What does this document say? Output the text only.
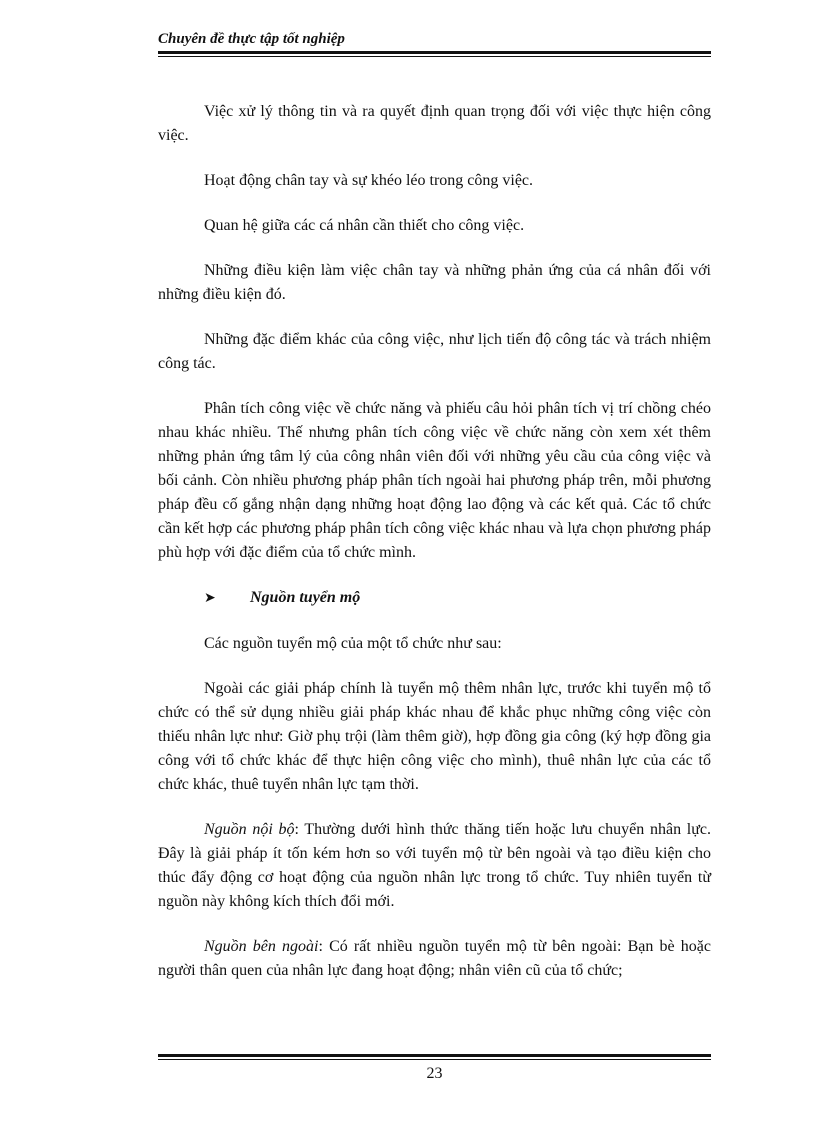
Chuyên đề thực tập tốt nghiệp

Việc xử lý thông tin và ra quyết định quan trọng đối với việc thực hiện công việc.

Hoạt động chân tay và sự khéo léo trong công việc.

Quan hệ giữa các cá nhân cần thiết cho công việc.

Những điều kiện làm việc chân tay và những phản ứng của cá nhân đối với những điều kiện đó.

Những đặc điểm khác của công việc, như lịch tiến độ công tác và trách nhiệm công tác.

Phân tích công việc về chức năng và phiếu câu hỏi phân tích vị trí chồng chéo nhau khác nhiều. Thế nhưng phân tích công việc về chức năng còn xem xét thêm những phản ứng tâm lý của công nhân viên đối với những yêu cầu của công việc và bối cảnh. Còn nhiều phương pháp phân tích ngoài hai phương pháp trên, mỗi phương pháp đều cố gắng nhận dạng những hoạt động lao động và các kết quả. Các tổ chức cần kết hợp các phương pháp phân tích công việc khác nhau và lựa chọn phương pháp phù hợp với đặc điểm của tổ chức mình.

➤	Nguồn tuyển mộ

Các nguồn tuyển mộ của một tổ chức như sau:

Ngoài các giải pháp chính là tuyển mộ thêm nhân lực, trước khi tuyển mộ tổ chức có thể sử dụng nhiều giải pháp khác nhau để khắc phục những công việc còn thiếu nhân lực như: Giờ phụ trội (làm thêm giờ), hợp đồng gia công (ký hợp đồng gia công với tổ chức khác để thực hiện công việc cho mình), thuê nhân lực của các tổ chức khác, thuê tuyển nhân lực tạm thời.

Nguồn nội bộ: Thường dưới hình thức thăng tiến hoặc lưu chuyển nhân lực. Đây là giải pháp ít tốn kém hơn so với tuyển mộ từ bên ngoài và tạo điều kiện cho thúc đẩy động cơ hoạt động của nguồn nhân lực trong tổ chức. Tuy nhiên tuyển từ nguồn này không kích thích đổi mới.

Nguồn bên ngoài: Có rất nhiều nguồn tuyển mộ từ bên ngoài: Bạn bè hoặc người thân quen của nhân lực đang hoạt động; nhân viên cũ của tổ chức;

23
